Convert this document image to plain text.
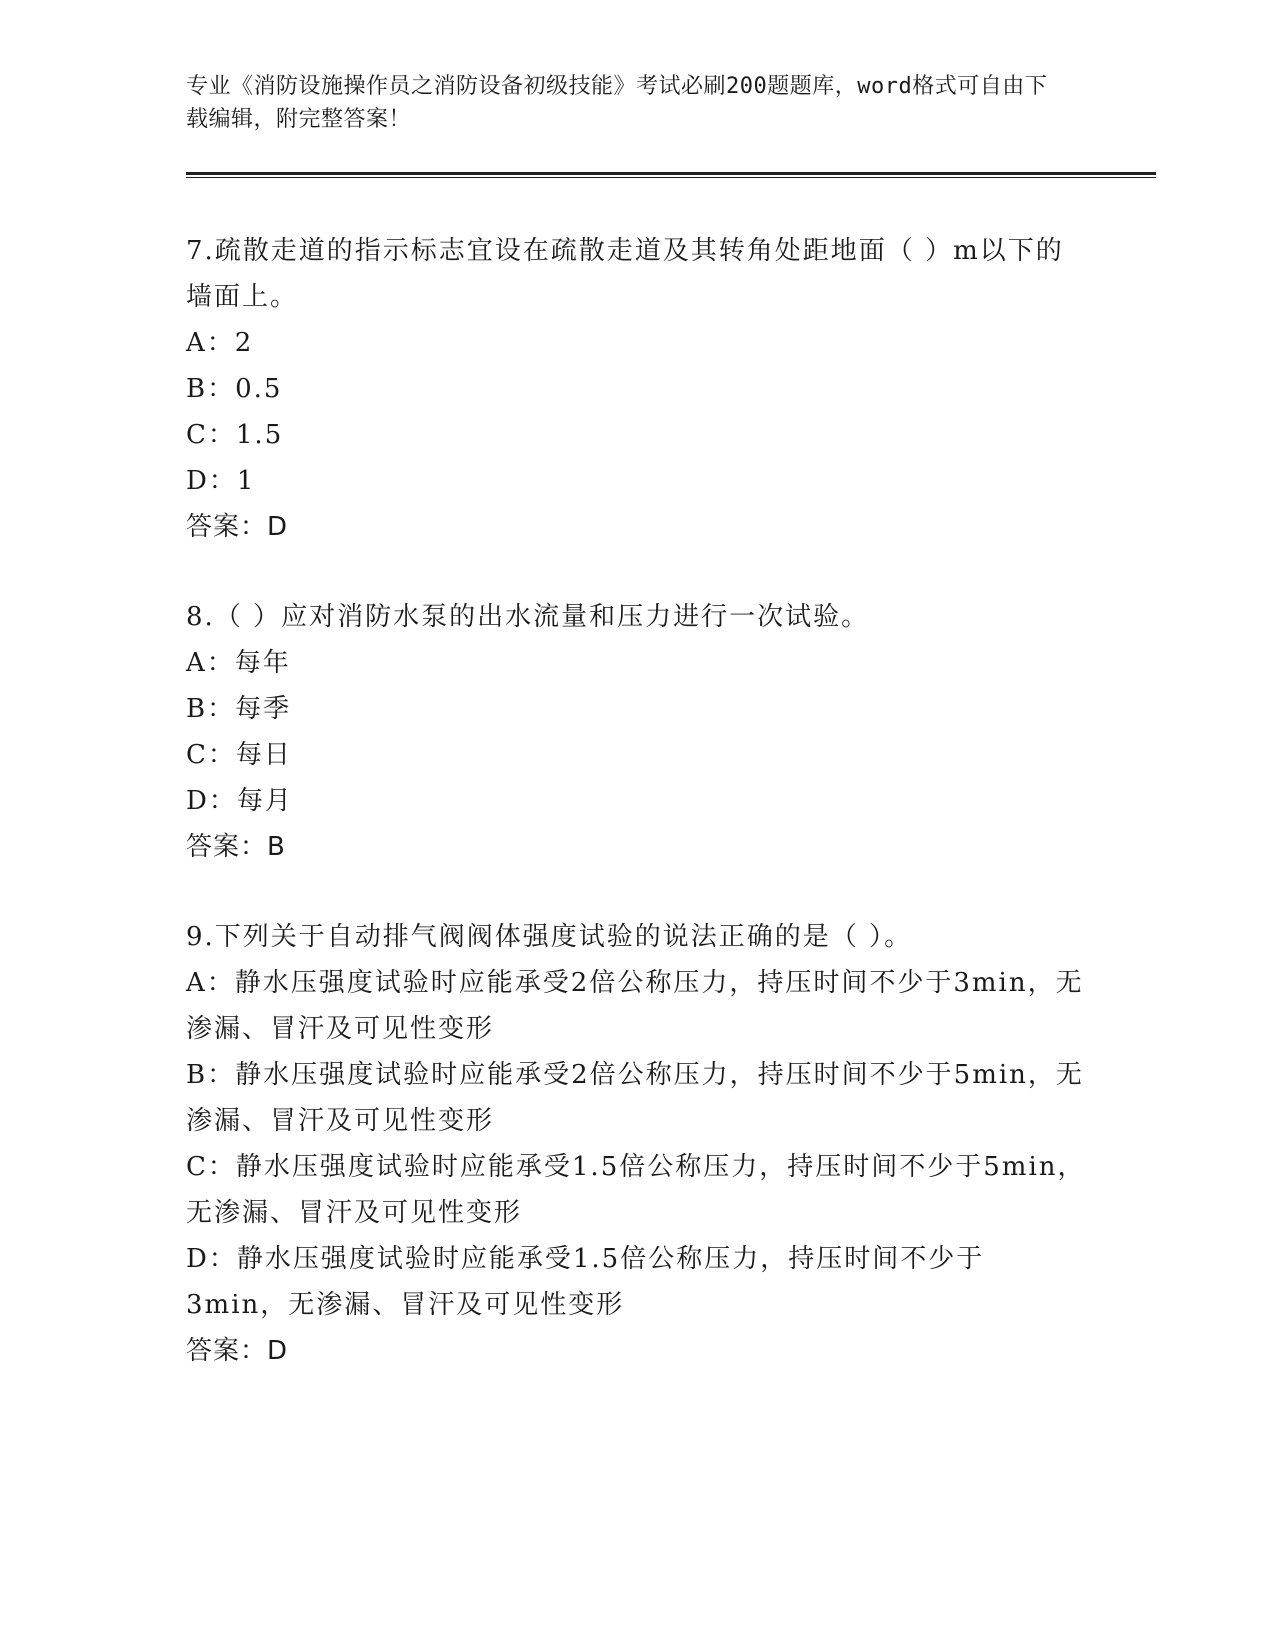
专业《消防设施操作员之消防设备初级技能》考试必刷200题题库，word格式可自由下载编辑，附完整答案！
7.疏散走道的指示标志宜设在疏散走道及其转角处距地面（ ）m以下的墙面上。
A：2
B：0.5
C：1.5
D：1
答案：D
8.（ ）应对消防水泵的出水流量和压力进行一次试验。
A：每年
B：每季
C：每日
D：每月
答案：B
9.下列关于自动排气阀阀体强度试验的说法正确的是（ ）。
A：静水压强度试验时应能承受2倍公称压力，持压时间不少于3min，无渗漏、冒汗及可见性变形
B：静水压强度试验时应能承受2倍公称压力，持压时间不少于5min，无渗漏、冒汗及可见性变形
C：静水压强度试验时应能承受1.5倍公称压力，持压时间不少于5min，无渗漏、冒汗及可见性变形
D：静水压强度试验时应能承受1.5倍公称压力，持压时间不少于3min，无渗漏、冒汗及可见性变形
答案：D
